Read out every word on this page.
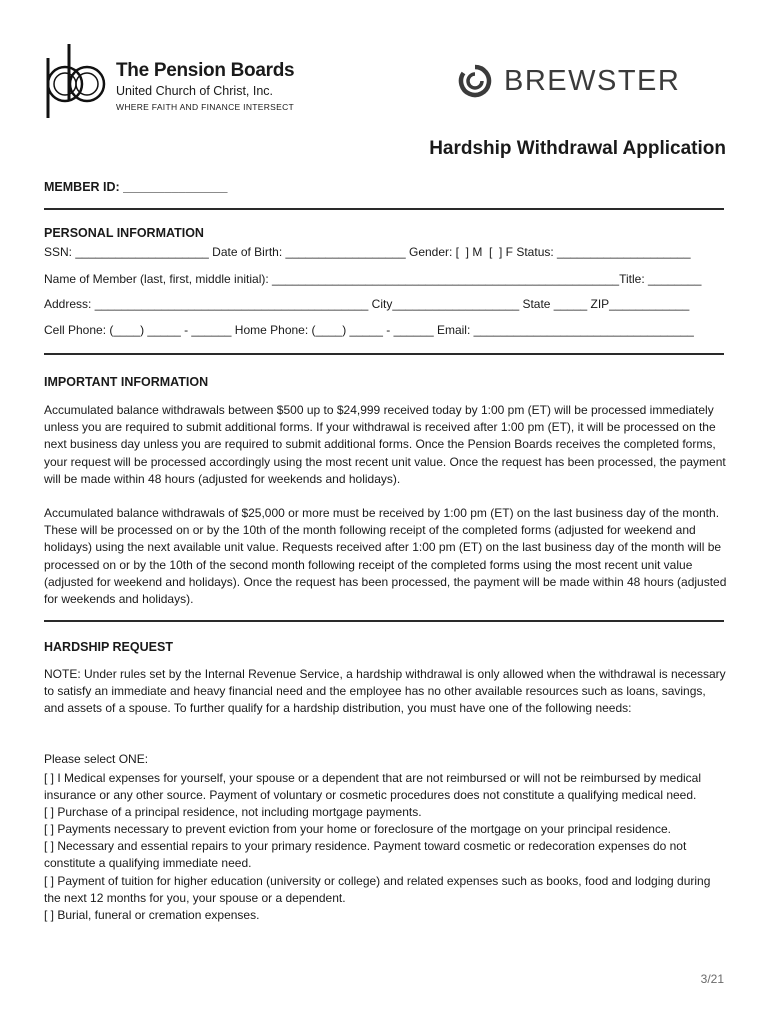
The Pension Boards
United Church of Christ, Inc.
WHERE FAITH AND FINANCE INTERSECT
BREWSTER
Hardship Withdrawal Application
MEMBER ID: _______________
PERSONAL INFORMATION
SSN: ____________________ Date of Birth: __________________ Gender: [  ] M  [  ] F Status: ____________________
Name of Member (last, first, middle initial): ____________________________________________________Title: ________
Address: _________________________________________ City___________________ State _____ ZIP____________
Cell Phone: (____) _____ - ______ Home Phone: (____) _____ - ______ Email: _________________________________
IMPORTANT INFORMATION

Accumulated balance withdrawals between $500 up to $24,999 received today by 1:00 pm (ET) will be processed immediately unless you are required to submit additional forms. If your withdrawal is received after 1:00 pm (ET), it will be processed on the next business day unless you are required to submit additional forms. Once the Pension Boards receives the completed forms, your request will be processed accordingly using the most recent unit value. Once the request has been processed, the payment will be made within 48 hours (adjusted for weekends and holidays).

Accumulated balance withdrawals of $25,000 or more must be received by 1:00 pm (ET) on the last business day of the month. These will be processed on or by the 10th of the month following receipt of the completed forms (adjusted for weekend and holidays) using the next available unit value. Requests received after 1:00 pm (ET) on the last business day of the month will be processed on or by the 10th of the second month following receipt of the completed forms using the most recent unit value (adjusted for weekend and holidays). Once the request has been processed, the payment will be made within 48 hours (adjusted for weekends and holidays).

HARDSHIP REQUEST

NOTE: Under rules set by the Internal Revenue Service, a hardship withdrawal is only allowed when the withdrawal is necessary to satisfy an immediate and heavy financial need and the employee has no other available resources such as loans, savings, and assets of a spouse. To further qualify for a hardship distribution, you must have one of the following needs:

Please select ONE:
[ ] I Medical expenses for yourself, your spouse or a dependent that are not reimbursed or will not be reimbursed by medical insurance or any other source. Payment of voluntary or cosmetic procedures does not constitute a qualifying medical need.
[ ] Purchase of a principal residence, not including mortgage payments.
[ ] Payments necessary to prevent eviction from your home or foreclosure of the mortgage on your principal residence.
[ ] Necessary and essential repairs to your primary residence. Payment toward cosmetic or redecoration expenses do not constitute a qualifying immediate need.
[ ] Payment of tuition for higher education (university or college) and related expenses such as books, food and lodging during the next 12 months for you, your spouse or a dependent.
[ ] Burial, funeral or cremation expenses.
3/21
